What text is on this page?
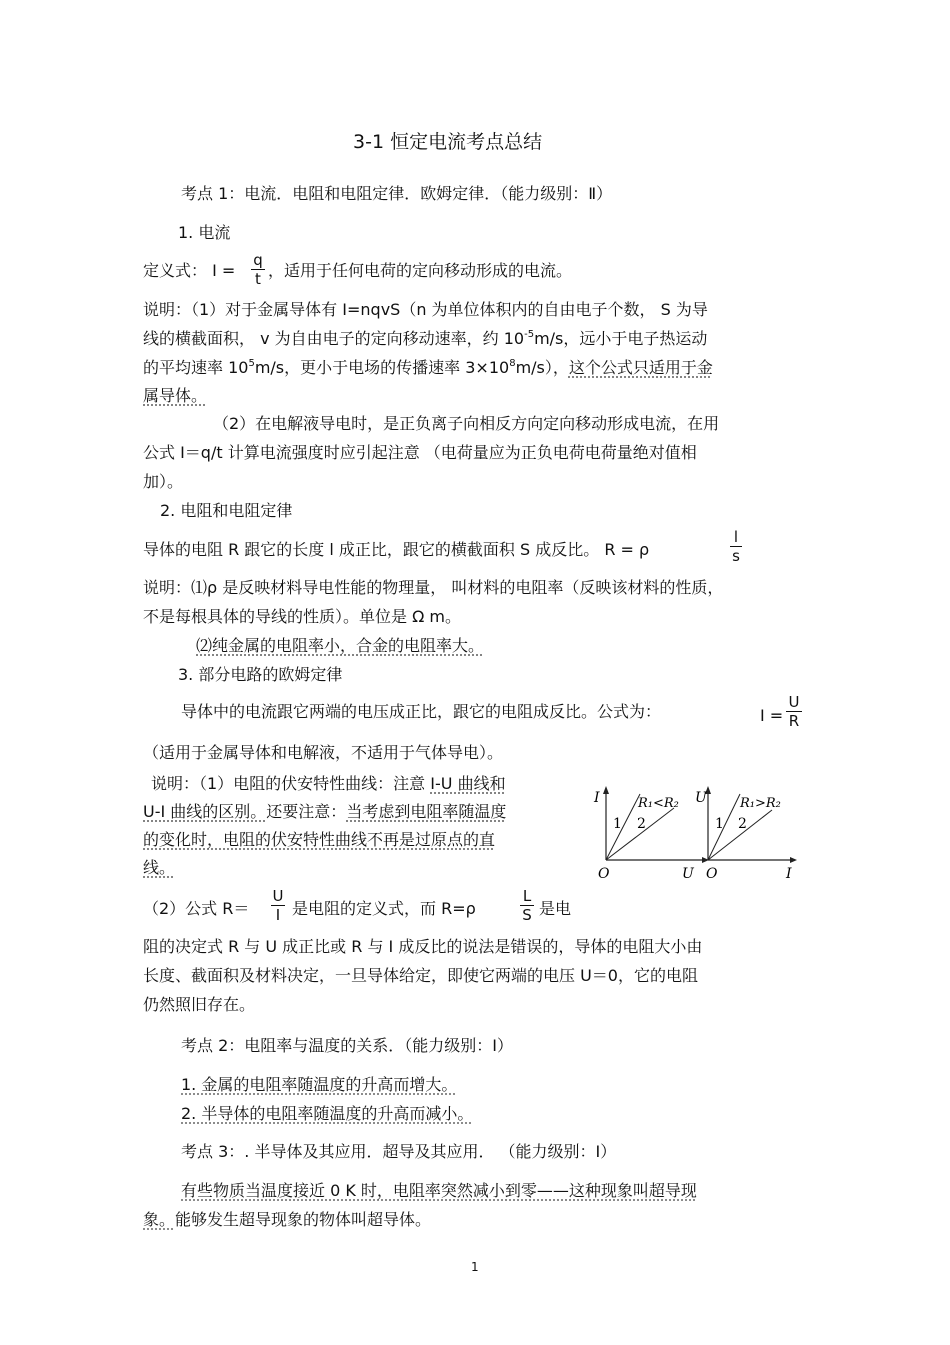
3-1 恒定电流考点总结
考点 1：电流．电阻和电阻定律．欧姆定律．（能力级别：Ⅱ）
1. 电流
定义式： $I = \frac{q}{t}$ ，适用于任何电荷的定向移动形成的电流。
说明：（1）对于金属导体有 I=nqvS（n 为单位体积内的自由电子个数， S 为导
线的横截面积， v 为自由电子的定向移动速率，约 $10^{-5}m/s$，远小于电子热运动
的平均速率 $10^5m/s$，更小于电场的传播速率 $3\times 10^8m/s$），这个公式只适用于金
属导体。
（2）在电解液导电时，是正负离子向相反方向定向移动形成电流，在用
公式 I＝q/t 计算电流强度时应引起注意 （电荷量应为正负电荷电荷量绝对值相
加）。
2. 电阻和电阻定律
导体的电阻 R 跟它的长度 l 成正比，跟它的横截面积 S 成反比。 R = ρ	$\frac{l}{s}$
说明：⑴ρ 是反映材料导电性能的物理量， 叫材料的电阻率（反映该材料的性质，
不是每根具体的导线的性质）。单位是 Ω m。
⑵纯金属的电阻率小，合金的电阻率大。
3. 部分电路的欧姆定律
导体中的电流跟它两端的电压成正比，跟它的电阻成反比。公式为：	$I = \frac{U}{R}$
（适用于金属导体和电解液，不适用于气体导电）。
说明：（1）电阻的伏安特性曲线：注意 I-U 曲线和
U-I 曲线的区别。还要注意：当考虑到电阻率随温度
的变化时，电阻的伏安特性曲线不再是过原点的直
线。
I
U
O
1 2
R₁<R₂ U
I
O
1 2
R₁>R₂
（2）公式 $R= \frac{U}{I}$ 是电阻的定义式，而 R=ρ	$\frac{L}{S}$ 是电
阻的决定式 R 与 U 成正比或 R 与 I 成反比的说法是错误的，导体的电阻大小由
长度、截面积及材料决定，一旦导体给定，即使它两端的电压 U＝0，它的电阻
仍然照旧存在。
考点 2：电阻率与温度的关系．（能力级别：Ⅰ）
1. 金属的电阻率随温度的升高而增大。
2. 半导体的电阻率随温度的升高而减小。
考点 3：. 半导体及其应用．超导及其应用． （能力级别：Ⅰ）
有些物质当温度接近 0 K 时，电阻率突然减小到零——这种现象叫超导现
象。能够发生超导现象的物体叫超导体。
1
